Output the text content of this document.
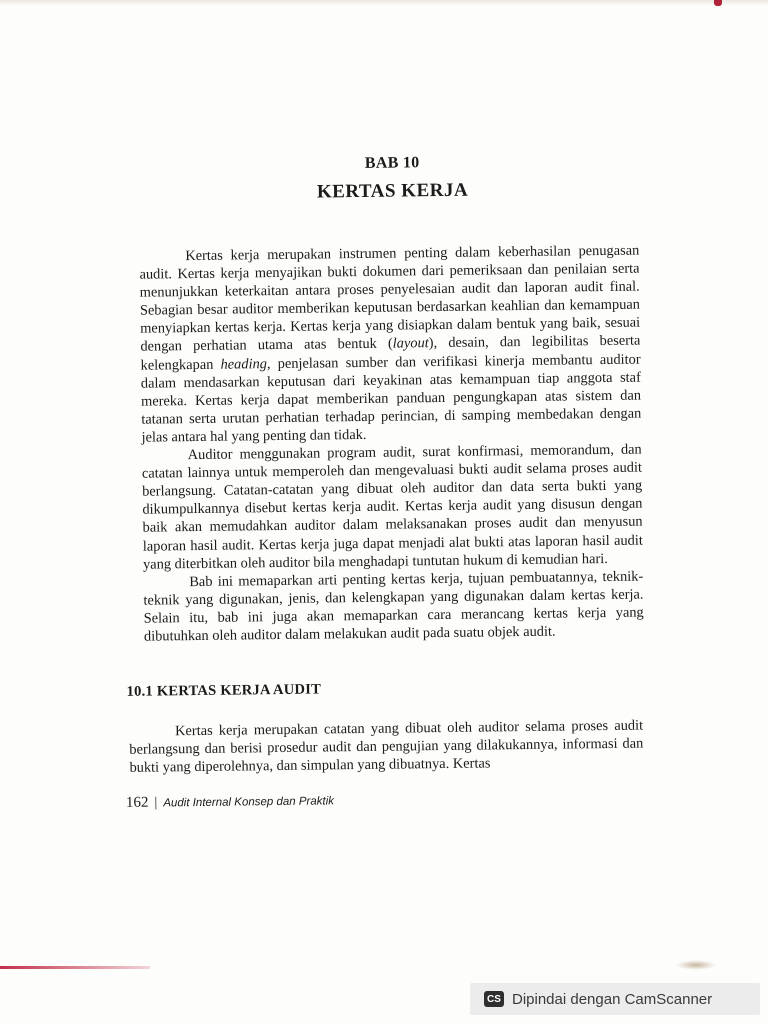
BAB 10
KERTAS KERJA

Kertas kerja merupakan instrumen penting dalam keberhasilan penugasan audit. Kertas kerja menyajikan bukti dokumen dari pemeriksaan dan penilaian serta menunjukkan keterkaitan antara proses penyelesaian audit dan laporan audit final. Sebagian besar auditor memberikan keputusan berdasarkan keahlian dan kemampuan menyiapkan kertas kerja. Kertas kerja yang disiapkan dalam bentuk yang baik, sesuai dengan perhatian utama atas bentuk (layout), desain, dan legibilitas beserta kelengkapan heading, penjelasan sumber dan verifikasi kinerja membantu auditor dalam mendasarkan keputusan dari keyakinan atas kemampuan tiap anggota staf mereka. Kertas kerja dapat memberikan panduan pengungkapan atas sistem dan tatanan serta urutan perhatian terhadap perincian, di samping membedakan dengan jelas antara hal yang penting dan tidak.

Auditor menggunakan program audit, surat konfirmasi, memorandum, dan catatan lainnya untuk memperoleh dan mengevaluasi bukti audit selama proses audit berlangsung. Catatan-catatan yang dibuat oleh auditor dan data serta bukti yang dikumpulkannya disebut kertas kerja audit. Kertas kerja audit yang disusun dengan baik akan memudahkan auditor dalam melaksanakan proses audit dan menyusun laporan hasil audit. Kertas kerja juga dapat menjadi alat bukti atas laporan hasil audit yang diterbitkan oleh auditor bila menghadapi tuntutan hukum di kemudian hari.

Bab ini memaparkan arti penting kertas kerja, tujuan pembuatannya, teknik-teknik yang digunakan, jenis, dan kelengkapan yang digunakan dalam kertas kerja. Selain itu, bab ini juga akan memaparkan cara merancang kertas kerja yang dibutuhkan oleh auditor dalam melakukan audit pada suatu objek audit.

10.1 KERTAS KERJA AUDIT

Kertas kerja merupakan catatan yang dibuat oleh auditor selama proses audit berlangsung dan berisi prosedur audit dan pengujian yang dilakukannya, informasi dan bukti yang diperolehnya, dan simpulan yang dibuatnya. Kertas

162 | Audit Internal Konsep dan Praktik
CS Dipindai dengan CamScanner
